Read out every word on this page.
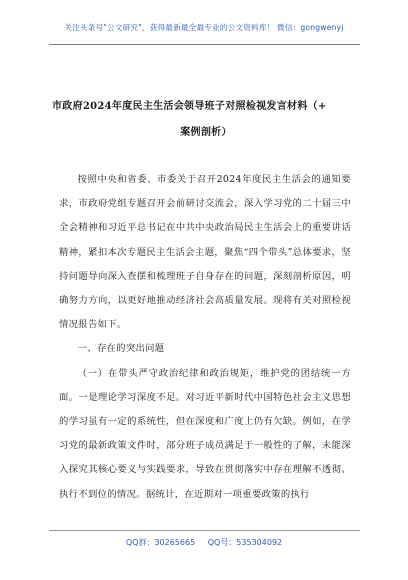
关注头条号"公文研究"，获得最新最全最专业的公文资料库！ 微信：gongwenyj
市政府2024年度民主生活会领导班子对照检视发言材料（+
案例剖析）

按照中央和省委、市委关于召开2024年度民主生活会的通知要求，市政府党组专题召开会前研讨交流会，深入学习党的二十届三中全会精神和习近平总书记在中共中央政治局民主生活会上的重要讲话精神，紧扣本次专题民主生活会主题，聚焦“四个带头”总体要求，坚持问题导向深入查摆和梳理班子自身存在的问题，深刻剖析原因，明确努力方向，以更好地推动经济社会高质量发展。现将有关对照检视情况报告如下。

一、存在的突出问题

（一）在带头严守政治纪律和政治规矩，维护党的团结统一方面。一是理论学习深度不足。对习近平新时代中国特色社会主义思想的学习虽有一定的系统性，但在深度和广度上仍有欠缺。例如，在学习党的最新政策文件时，部分班子成员满足于一般性的了解，未能深入探究其核心要义与实践要求，导致在贯彻落实中存在理解不透彻、执行不到位的情况。据统计，在近期对一项重要政策的执行

QQ群：30265665 QQ号：535304092
